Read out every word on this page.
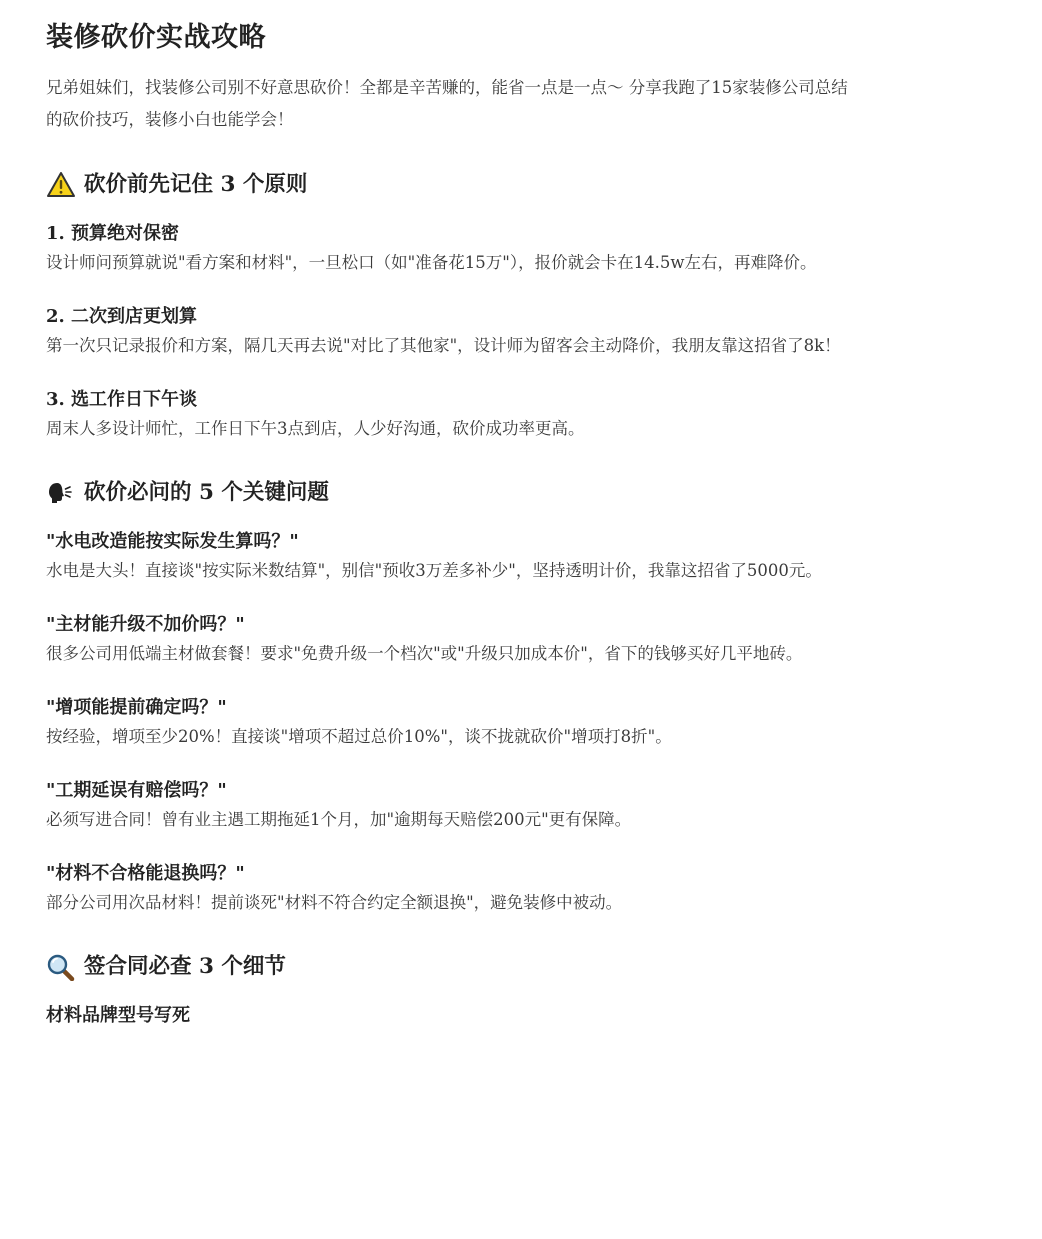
装修砍价实战攻略

兄弟姐妹们，找装修公司别不好意思砍价！全都是辛苦赚的，能省一点是一点～ 分享我跑了15家装修公司总结的砍价技巧，装修小白也能学会！

砍价前先记住 3 个原则
1. 预算绝对保密

设计师问预算就说"看方案和材料"，一旦松口（如"准备花15万"），报价就会卡在14.5w左右，再难降价。

2. 二次到店更划算

第一次只记录报价和方案，隔几天再去说"对比了其他家"，设计师为留客会主动降价，我朋友靠这招省了8k！

3. 选工作日下午谈

周末人多设计师忙，工作日下午3点到店，人少好沟通，砍价成功率更高。

砍价必问的 5 个关键问题
"水电改造能按实际发生算吗？"

水电是大头！直接谈"按实际米数结算"，别信"预收3万差多补少"，坚持透明计价，我靠这招省了5000元。

"主材能升级不加价吗？"

很多公司用低端主材做套餐！要求"免费升级一个档次"或"升级只加成本价"，省下的钱够买好几平地砖。

"增项能提前确定吗？"

按经验，增项至少20%！直接谈"增项不超过总价10%"，谈不拢就砍价"增项打8折"。

"工期延误有赔偿吗？"

必须写进合同！曾有业主遇工期拖延1个月，加"逾期每天赔偿200元"更有保障。

"材料不合格能退换吗？"

部分公司用次品材料！提前谈死"材料不符合约定全额退换"，避免装修中被动。

签合同必查 3 个细节
材料品牌型号写死
